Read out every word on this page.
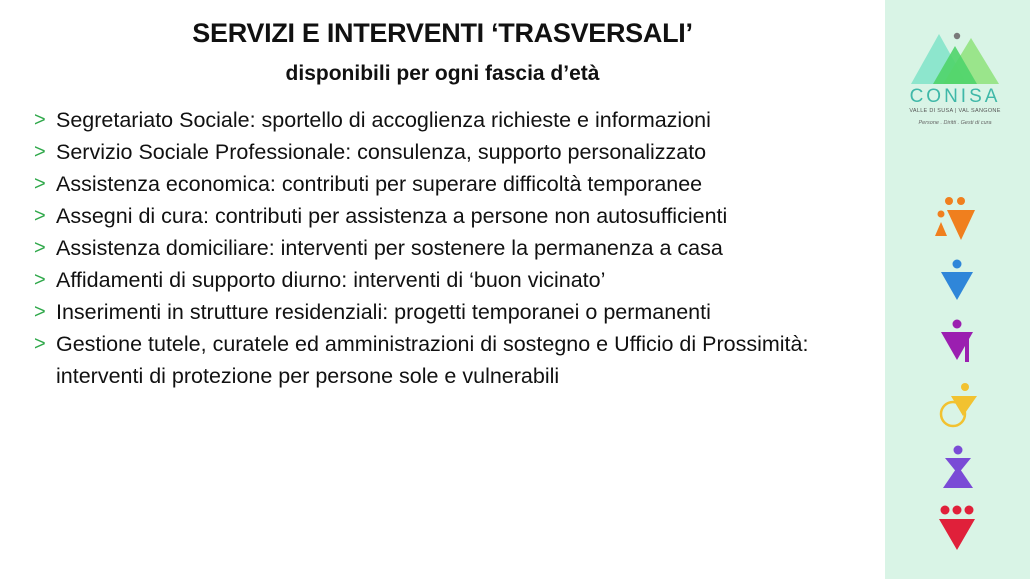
SERVIZI E INTERVENTI ‘TRASVERSALI’
disponibili per ogni fascia d’età
> Segretariato Sociale: sportello di accoglienza richieste e informazioni
> Servizio Sociale Professionale: consulenza, supporto personalizzato
> Assistenza economica: contributi per superare difficoltà temporanee
> Assegni di cura: contributi per assistenza a persone non autosufficienti
> Assistenza domiciliare: interventi per sostenere la permanenza a casa
> Affidamenti di supporto diurno: interventi di ‘buon vicinato’
> Inserimenti in strutture residenziali: progetti temporanei o permanenti
> Gestione tutele, curatele ed amministrazioni di sostegno e Ufficio di Prossimità: interventi di protezione per persone sole e vulnerabili
CONISA
VALLE DI SUSA | VAL SANGONE
Persone . Diritti . Gesti di cura
